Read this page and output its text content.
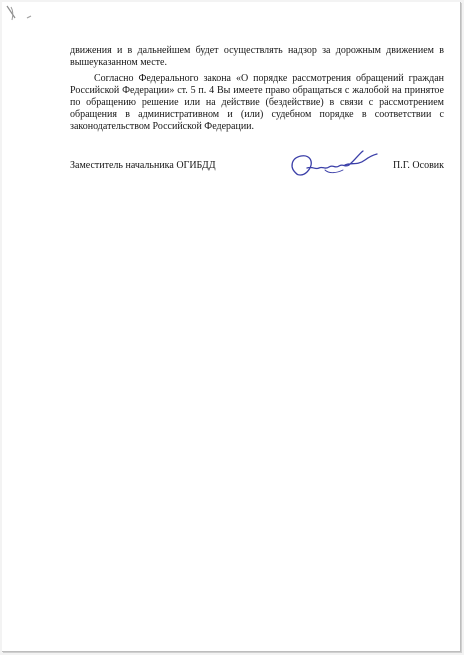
движения и в дальнейшем будет осуществлять надзор за дорожным движением в вышеуказанном месте.

Согласно Федерального закона «О порядке рассмотрения обращений граждан Российской Федерации» ст. 5 п. 4 Вы имеете право обращаться с жалобой на принятое по обращению решение или на действие (бездействие) в связи с рассмотрением обращения в административном и (или) судебном порядке в соответствии с законодательством Российской Федерации.

Заместитель начальника ОГИБДД	П.Г. Осовик
